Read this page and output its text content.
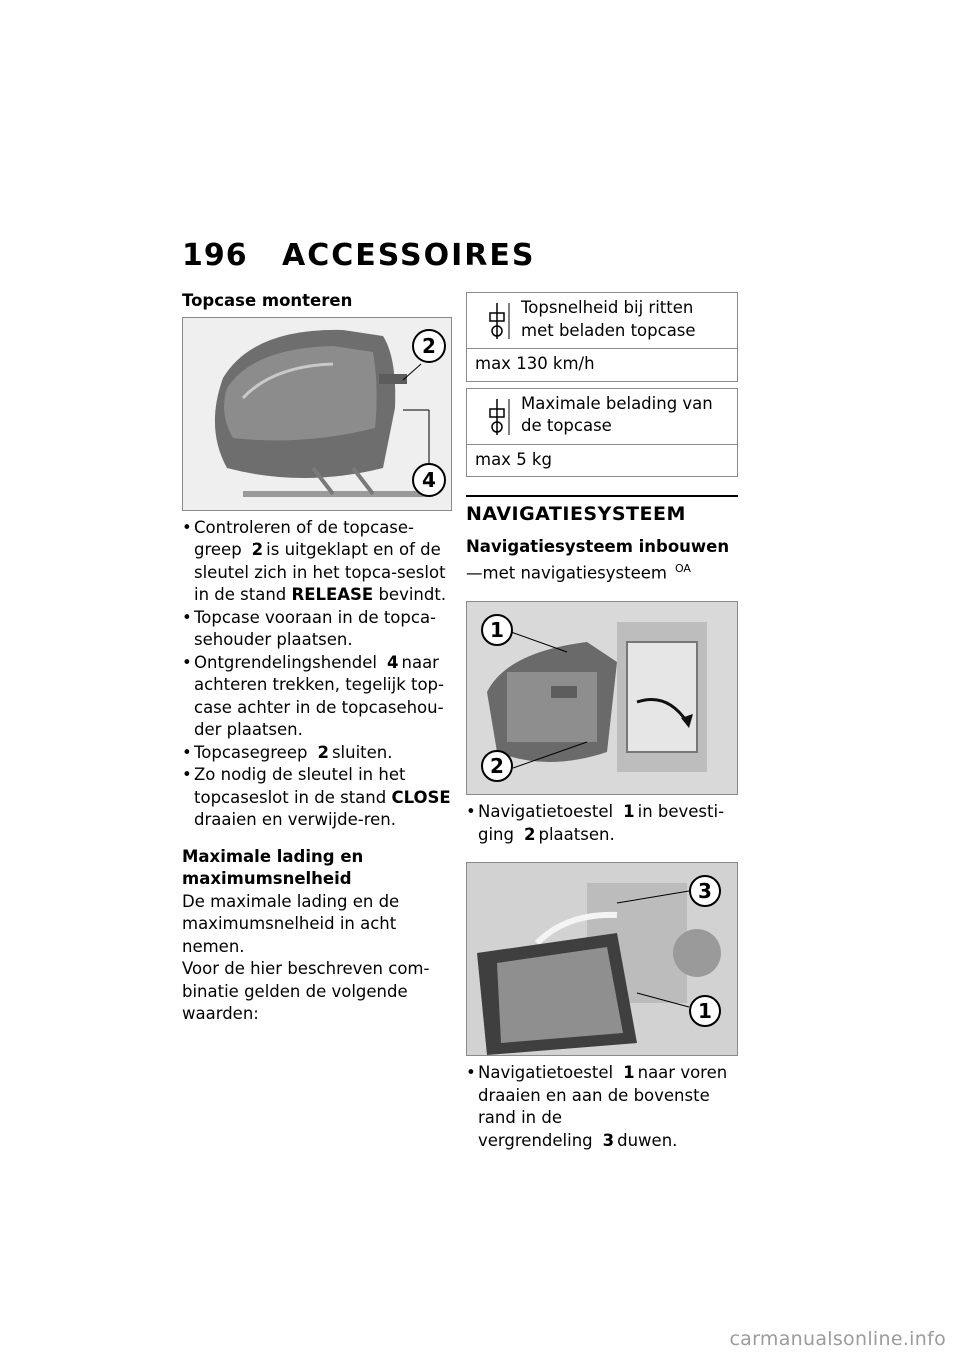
196 ACCESSOIRES

Topcase monteren

2
4
• Controleren of de topcase-greep 2 is uitgeklapt en of de sleutel zich in het topca-seslot in de stand RELEASE bevindt.
• Topcase vooraan in de topca-sehouder plaatsen.
• Ontgrendelingshendel 4 naar achteren trekken, tegelijk top-case achter in de topcasehou-der plaatsen.
• Topcasegreep 2 sluiten.
• Zo nodig de sleutel in het topcaseslot in de stand CLOSE draaien en verwijde-ren.

Maximale lading en maximumsnelheid

De maximale lading en de maximumsnelheid in acht nemen.

Voor de hier beschreven com-binatie gelden de volgende waarden:

Topsnelheid bij ritten met beladen topcase
max 130 km/h
Maximale belading van de topcase
max 5 kg
NAVIGATIESYSTEEM

Navigatiesysteem inbouwen

—met navigatiesysteem $^{OA}$

1
2
• Navigatietoestel 1 in bevesti-ging 2 plaatsen.
3
1
• Navigatietoestel 1 naar voren draaien en aan de bovenste rand in de vergrendeling 3 duwen.
carmanualsonline.info
